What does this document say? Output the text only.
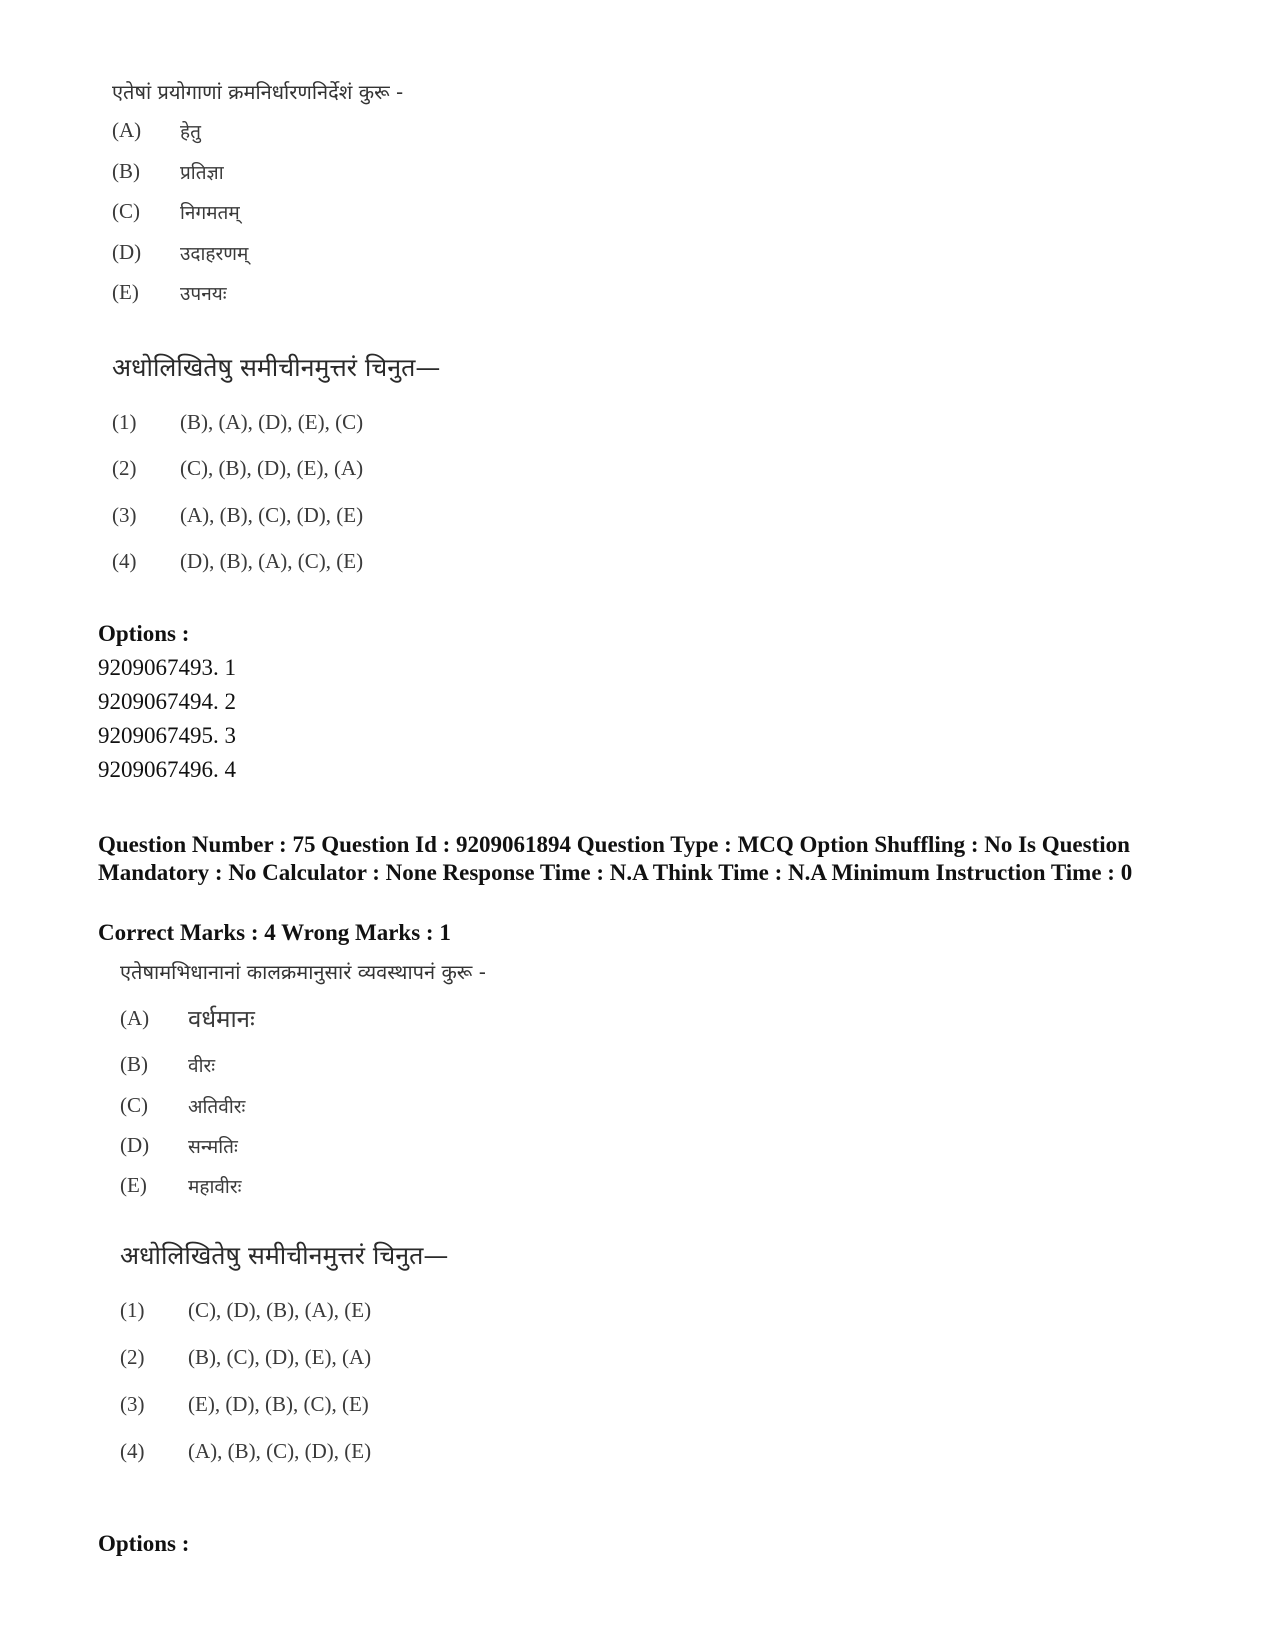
एतेषां प्रयोगाणां क्रमनिर्धारणनिर्देशं कुरू -
(A) हेतु
(B) प्रतिज्ञा
(C) निगमतम्
(D) उदाहरणम्
(E) उपनयः
अधोलिखितेषु समीचीनमुत्तरं चिनुत—
(1) (B), (A), (D), (E), (C)
(2) (C), (B), (D), (E), (A)
(3) (A), (B), (C), (D), (E)
(4) (D), (B), (A), (C), (E)
Options :
9209067493. 1
9209067494. 2
9209067495. 3
9209067496. 4
Question Number : 75 Question Id : 9209061894 Question Type : MCQ Option Shuffling : No Is Question Mandatory : No Calculator : None Response Time : N.A Think Time : N.A Minimum Instruction Time : 0
Correct Marks : 4 Wrong Marks : 1
एतेषामभिधानानां कालक्रमानुसारं व्यवस्थापनं कुरू -
(A) वर्धमानः
(B) वीरः
(C) अतिवीरः
(D) सन्मतिः
(E) महावीरः
अधोलिखितेषु समीचीनमुत्तरं चिनुत—
(1) (C), (D), (B), (A), (E)
(2) (B), (C), (D), (E), (A)
(3) (E), (D), (B), (C), (E)
(4) (A), (B), (C), (D), (E)
Options :
